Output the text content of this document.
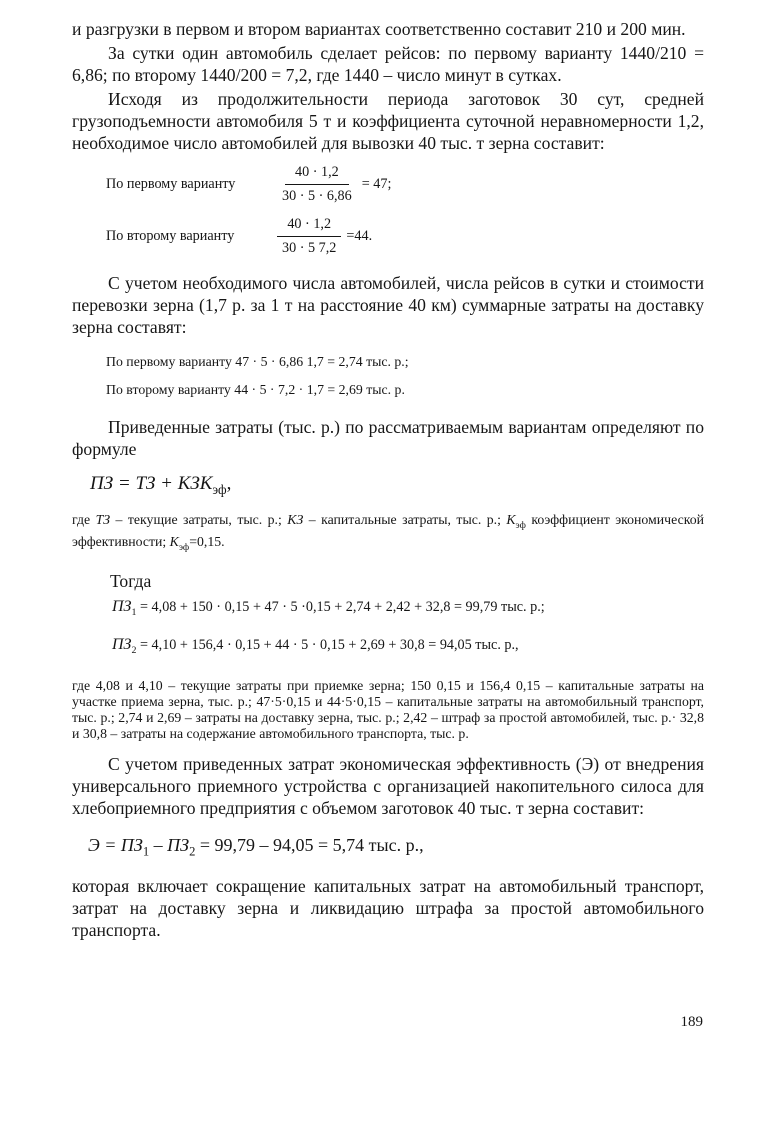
и разгрузки в первом и втором вариантах соответственно составит 210 и 200 мин.

За сутки один автомобиль сделает рейсов: по первому варианту 1440/210 = 6,86; по второму 1440/200 = 7,2, где 1440 – число минут в сутках.

Исходя из продолжительности периода заготовок 30 сут, средней грузоподъемности автомобиля 5 т и коэффициента суточной неравномерности 1,2, необходимое число автомобилей для вывозки 40 тыс. т зерна составит:

По первому варианту	$\frac{40 \cdot 1,2}{30 \cdot 5 \cdot 6,86} = 47$;
По второму варианту	$\frac{40 \cdot 1,2}{30 \cdot 5 7,2} =44$.

С учетом необходимого числа автомобилей, числа рейсов в сутки и стоимости перевозки зерна (1,7 р. за 1 т на расстояние 40 км) суммарные затраты на доставку зерна составят:

По первому варианту 47 · 5 · 6,86 1,7 = 2,74 тыс. р.;
По второму варианту 44 · 5 · 7,2 · 1,7 = 2,69 тыс. р.

Приведенные затраты (тыс. р.) по рассматриваемым вариантам определяют по формуле

ПЗ = ТЗ + $КЗК_{эф}$,

где ТЗ – текущие затраты, тыс. р.; КЗ – капитальные затраты, тыс. р.; $К_{эф}$ коэффициент экономической эффективности; $К_{эф}=0,15$.

Тогда

$ПЗ_1 = 4,08 + 150 \cdot 0,15 + 47 \cdot 5 \cdot 0,15 + 2,74 + 2,42 + 32,8 = 99,79$ тыс. р.;
$ПЗ_2 = 4,10 + 156,4 \cdot 0,15 + 44 \cdot 5 \cdot 0,15 + 2,69 + 30,8 = 94,05$ тыс. р.,

где 4,08 и 4,10 – текущие затраты при приемке зерна; 150 0,15 и 156,4 0,15 – капитальные затраты на участке приема зерна, тыс. р.; 47·5·0,15 и 44·5·0,15 – капитальные затраты на автомобильный транспорт, тыс. р.; 2,74 и 2,69 – затраты на доставку зерна, тыс. р.; 2,42 – штраф за простой автомобилей, тыс. р.· 32,8 и 30,8 – затраты на содержание автомобильного транспорта, тыс. р.

С учетом приведенных затрат экономическая эффективность (Э) от внедрения универсального приемного устройства с организацией накопительного силоса для хлебоприемного предприятия с объемом заготовок 40 тыс. т зерна составит:

$Э = ПЗ_1 - ПЗ_2 = 99,79 - 94,05 = 5,74$ тыс. р.,

которая включает сокращение капитальных затрат на автомобильный транспорт, затрат на доставку зерна и ликвидацию штрафа за простой автомобильного транспорта.

189
